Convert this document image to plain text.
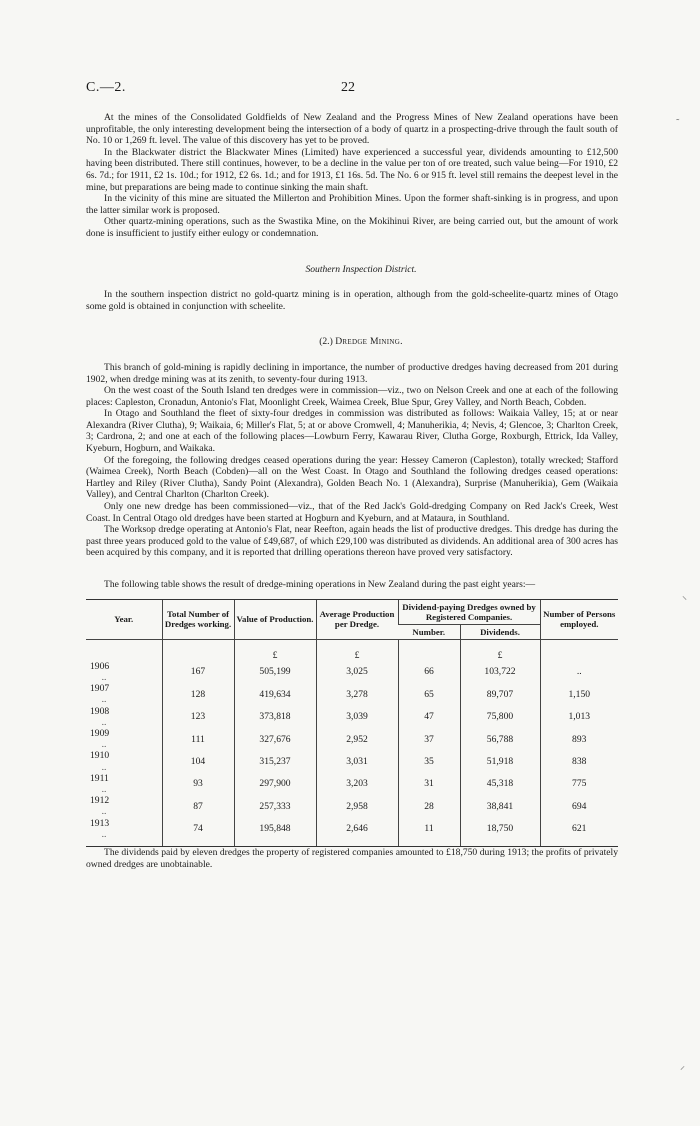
C.—2.	22

At the mines of the Consolidated Goldfields of New Zealand and the Progress Mines of New Zealand operations have been unprofitable, the only interesting development being the intersection of a body of quartz in a prospecting-drive through the fault south of No. 10 or 1,269 ft. level. The value of this discovery has yet to be proved.

In the Blackwater district the Blackwater Mines (Limited) have experienced a successful year, dividends amounting to £12,500 having been distributed. There still continues, however, to be a decline in the value per ton of ore treated, such value being—For 1910, £2 6s. 7d.; for 1911, £2 1s. 10d.; for 1912, £2 6s. 1d.; and for 1913, £1 16s. 5d. The No. 6 or 915 ft. level still remains the deepest level in the mine, but preparations are being made to continue sinking the main shaft.

In the vicinity of this mine are situated the Millerton and Prohibition Mines. Upon the former shaft-sinking is in progress, and upon the latter similar work is proposed.

Other quartz-mining operations, such as the Swastika Mine, on the Mokihinui River, are being carried out, but the amount of work done is insufficient to justify either eulogy or condemnation.

Southern Inspection District.

In the southern inspection district no gold-quartz mining is in operation, although from the gold-scheelite-quartz mines of Otago some gold is obtained in conjunction with scheelite.

(2.) Dredge Mining.

This branch of gold-mining is rapidly declining in importance, the number of productive dredges having decreased from 201 during 1902, when dredge mining was at its zenith, to seventy-four during 1913.

On the west coast of the South Island ten dredges were in commission—viz., two on Nelson Creek and one at each of the following places: Capleston, Cronadun, Antonio's Flat, Moonlight Creek, Waimea Creek, Blue Spur, Grey Valley, and North Beach, Cobden.

In Otago and Southland the fleet of sixty-four dredges in commission was distributed as follows: Waikaia Valley, 15; at or near Alexandra (River Clutha), 9; Waikaia, 6; Miller's Flat, 5; at or above Cromwell, 4; Manuherikia, 4; Nevis, 4; Glencoe, 3; Charlton Creek, 3; Cardrona, 2; and one at each of the following places—Lowburn Ferry, Kawarau River, Clutha Gorge, Roxburgh, Ettrick, Ida Valley, Kyeburn, Hogburn, and Waikaka.

Of the foregoing, the following dredges ceased operations during the year: Hessey Cameron (Capleston), totally wrecked; Stafford (Waimea Creek), North Beach (Cobden)—all on the West Coast. In Otago and Southland the following dredges ceased operations: Hartley and Riley (River Clutha), Sandy Point (Alexandra), Golden Beach No. 1 (Alexandra), Surprise (Manuherikia), Gem (Waikaia Valley), and Central Charlton (Charlton Creek).

Only one new dredge has been commissioned—viz., that of the Red Jack's Gold-dredging Company on Red Jack's Creek, West Coast. In Central Otago old dredges have been started at Hogburn and Kyeburn, and at Mataura, in Southland.

The Worksop dredge operating at Antonio's Flat, near Reefton, again heads the list of productive dredges. This dredge has during the past three years produced gold to the value of £49,687, of which £29,100 was distributed as dividends. An additional area of 300 acres has been acquired by this company, and it is reported that drilling operations thereon have proved very satisfactory.

The following table shows the result of dredge-mining operations in New Zealand during the past eight years:—

Year.	Total Number of Dredges working.	Value of Production.	Average Production per Dredge.	Dividend-paying Dredges owned by Registered Companies.		Number of Persons employed.
				Number.	Dividends.	
		£	£		£	
1906..	167	505,199	3,025	66	103,722	..
1907..	128	419,634	3,278	65	89,707	1,150
1908..	123	373,818	3,039	47	75,800	1,013
1909..	111	327,676	2,952	37	56,788	893
1910..	104	315,237	3,031	35	51,918	838
1911..	93	297,900	3,203	31	45,318	775
1912..	87	257,333	2,958	28	38,841	694
1913..	74	195,848	2,646	11	18,750	621

The dividends paid by eleven dredges the property of registered companies amounted to £18,750 during 1913; the profits of privately owned dredges are unobtainable.

˜
⸜
⸝
